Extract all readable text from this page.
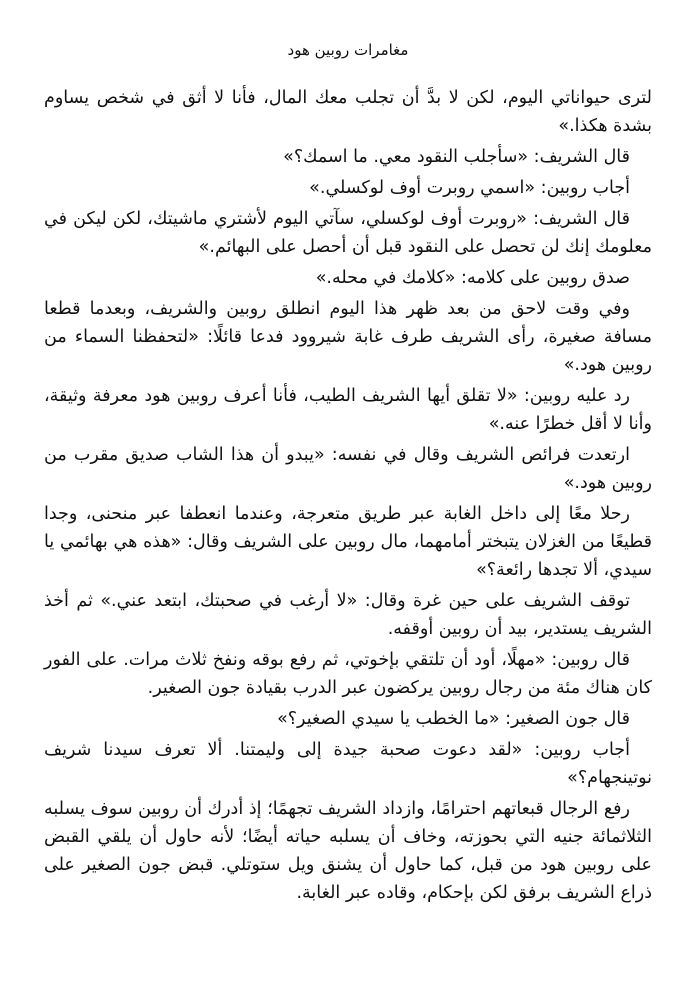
مغامرات روبين هود

لترى حيواناتي اليوم، لكن لا بدَّ أن تجلب معك المال، فأنا لا أثق في شخص يساوم بشدة هكذا.»

قال الشريف: «سأجلب النقود معي. ما اسمك؟»

أجاب روبين: «اسمي روبرت أوف لوكسلي.»

قال الشريف: «روبرت أوف لوكسلي، سآتي اليوم لأشتري ماشيتك، لكن ليكن في معلومك إنك لن تحصل على النقود قبل أن أحصل على البهائم.»

صدق روبين على كلامه: «كلامك في محله.»

وفي وقت لاحق من بعد ظهر هذا اليوم انطلق روبين والشريف، وبعدما قطعا مسافة صغيرة، رأى الشريف طرف غابة شيروود فدعا قائلًا: «لتحفظنا السماء من روبين هود.»

رد عليه روبين: «لا تقلق أيها الشريف الطيب، فأنا أعرف روبين هود معرفة وثيقة، وأنا لا أقل خطرًا عنه.»

ارتعدت فرائص الشريف وقال في نفسه: «يبدو أن هذا الشاب صديق مقرب من روبين هود.»

رحلا معًا إلى داخل الغابة عبر طريق متعرجة، وعندما انعطفا عبر منحنى، وجدا قطيعًا من الغزلان يتبختر أمامهما، مال روبين على الشريف وقال: «هذه هي بهائمي يا سيدي، ألا تجدها رائعة؟»

توقف الشريف على حين غرة وقال: «لا أرغب في صحبتك، ابتعد عني.» ثم أخذ الشريف يستدير، بيد أن روبين أوقفه.

قال روبين: «مهلًا، أود أن تلتقي بإخوتي، ثم رفع بوقه ونفخ ثلاث مرات. على الفور كان هناك مئة من رجال روبين يركضون عبر الدرب بقيادة جون الصغير.

قال جون الصغير: «ما الخطب يا سيدي الصغير؟»

أجاب روبين: «لقد دعوت صحبة جيدة إلى وليمتنا. ألا تعرف سيدنا شريف نوتينجهام؟»

رفع الرجال قبعاتهم احترامًا، وازداد الشريف تجهمًا؛ إذ أدرك أن روبين سوف يسلبه الثلاثمائة جنيه التي بحوزته، وخاف أن يسلبه حياته أيضًا؛ لأنه حاول أن يلقي القبض على روبين هود من قبل، كما حاول أن يشنق ويل ستوتلي. قبض جون الصغير على ذراع الشريف برفق لكن بإحكام، وقاده عبر الغابة.
